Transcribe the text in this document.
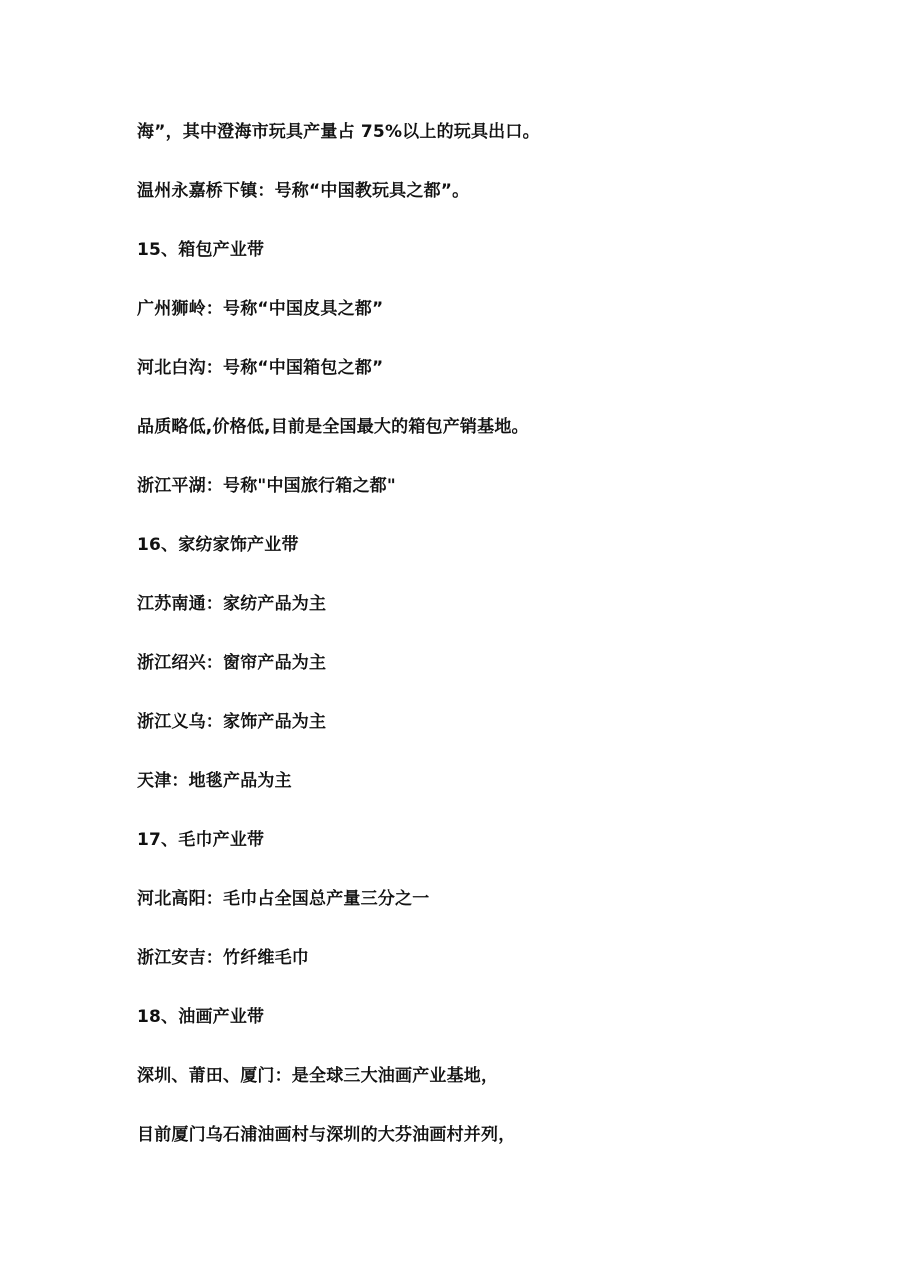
海”，其中澄海市玩具产量占 75%以上的玩具出口。
温州永嘉桥下镇：号称“中国教玩具之都”。
15、箱包产业带
广州狮岭：号称“中国皮具之都”
河北白沟：号称“中国箱包之都”
品质略低,价格低,目前是全国最大的箱包产销基地。
浙江平湖：号称"中国旅行箱之都"
16、家纺家饰产业带
江苏南通：家纺产品为主
浙江绍兴：窗帘产品为主
浙江义乌：家饰产品为主
天津：地毯产品为主
17、毛巾产业带
河北高阳：毛巾占全国总产量三分之一
浙江安吉：竹纤维毛巾
18、油画产业带
深圳、莆田、厦门：是全球三大油画产业基地，
目前厦门乌石浦油画村与深圳的大芬油画村并列，
